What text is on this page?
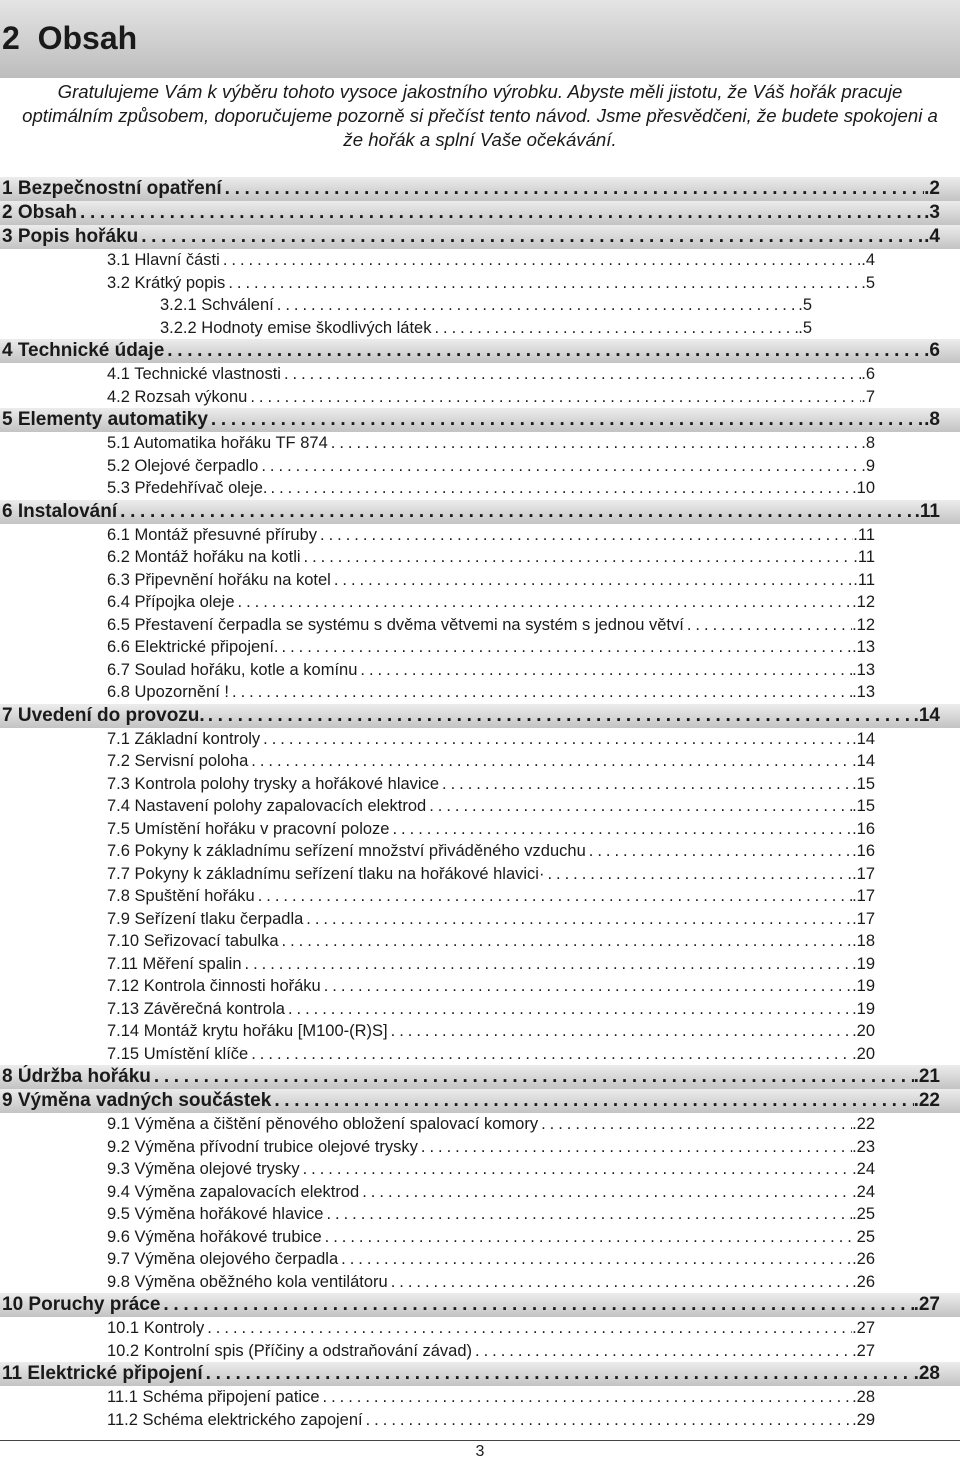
2  Obsah

Gratulujeme Vám k výběru tohoto vysoce jakostního výrobku. Abyste měli jistotu, že Váš hořák pracuje optimálním způsobem, doporučujeme pozorně si přečíst tento návod. Jsme přesvědčeni, že budete spokojeni a že hořák a splní Vaše očekávání.

1 Bezpečnostní opatření . . .	.2
2 Obsah . . .	.3
3 Popis hořáku . . .	.4
3.1 Hlavní části . . .	.4
3.2 Krátký popis . . .	.5
3.2.1 Schválení . . .	.5
3.2.2 Hodnoty emise škodlivých látek . . .	.5
4 Technické údaje . . .	.6
4.1 Technické vlastnosti . . .	.6
4.2 Rozsah výkonu . . .	.7
5 Elementy automatiky . . .	.8
5.1 Automatika hořáku TF 874 . . .	.8
5.2 Olejové čerpadlo . . .	.9
5.3 Předehřívač oleje. . . .	.10
6 Instalování . . .	.11
6.1 Montáž přesuvné příruby . . .	.11
6.2 Montáž hořáku na kotli . . .	.11
6.3 Připevnění hořáku na kotel . . .	.11
6.4 Přípojka oleje . . .	.12
6.5 Přestavení čerpadla se systému s dvěma větvemi na systém s jednou větví . . .	.12
6.6 Elektrické připojení. . . .	.13
6.7 Soulad hořáku, kotle a komínu . . .	.13
6.8 Upozornění ! . . .	.13
7 Uvedení do provozu. . . .	.14
7.1 Základní kontroly . . .	.14
7.2 Servisní poloha . . .	.14
7.3 Kontrola polohy trysky a hořákové hlavice . . .	.15
7.4 Nastavení polohy zapalovacích elektrod . . .	.15
7.5 Umístění hořáku v pracovní poloze . . .	.16
7.6 Pokyny k základnímu seřízení množství přiváděného vzduchu . . .	.16
7.7 Pokyny k základnímu seřízení tlaku na hořákové hlavici· . . .	.17
7.8 Spuštění hořáku . . .	.17
7.9 Seřízení tlaku čerpadla . . .	.17
7.10 Seřizovací tabulka . . .	.18
7.11 Měření spalin . . .	.19
7.12 Kontrola činnosti hořáku . . .	.19
7.13 Závěrečná kontrola . . .	.19
7.14 Montáž krytu hořáku [M100-(R)S] . . .	.20
7.15 Umístění klíče . . .	.20
8 Údržba hořáku . . .	.21
9 Výměna vadných součástek . . .	.22
9.1 Výměna a čištění pěnového obložení spalovací komory . . .	.22
9.2 Výměna přívodní trubice olejové trysky . . .	.23
9.3 Výměna olejové trysky . . .	.24
9.4 Výměna zapalovacích elektrod . . .	.24
9.5 Výměna hořákové hlavice . . .	.25
9.6 Výměna hořákové trubice . . .	25
9.7 Výměna olejového čerpadla . . .	.26
9.8 Výměna oběžného kola ventilátoru . . .	.26
10 Poruchy práce . . .	.27
10.1 Kontroly . . .	.27
10.2 Kontrolní spis (Příčiny a odstraňování závad) . . .	.27
11 Elektrické připojení . . .	.28
11.1 Schéma připojení patice . . .	.28
11.2 Schéma elektrického zapojení . . .	.29
3
